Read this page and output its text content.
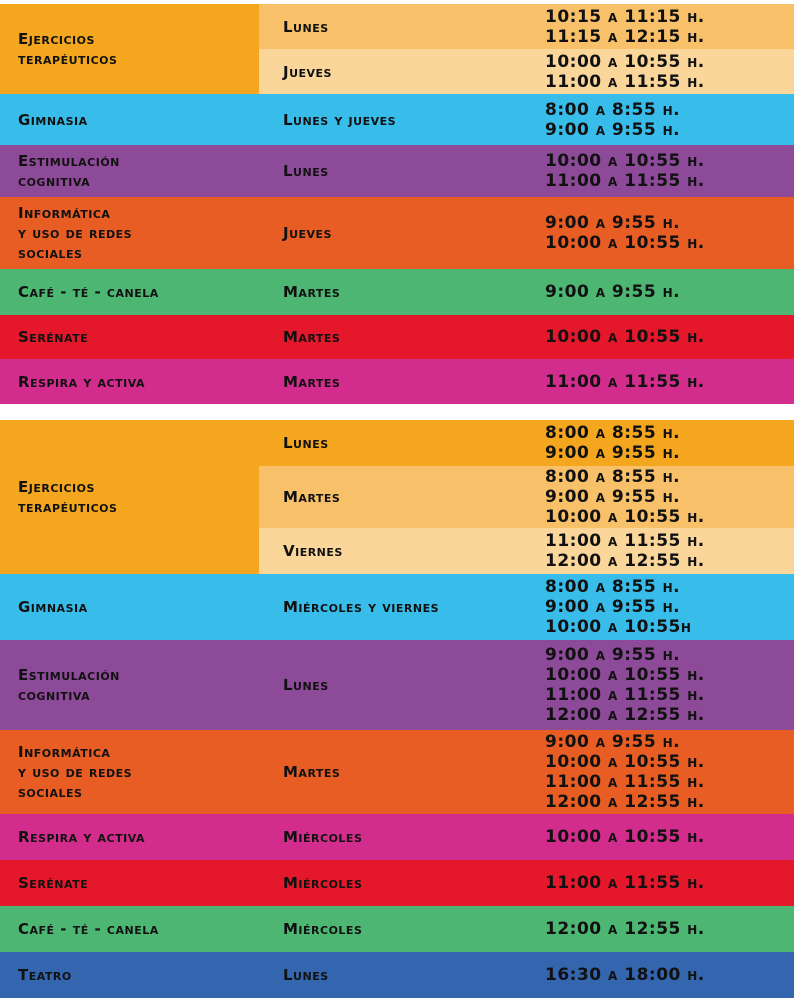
Ejercicios
terapéuticos	Lunes	10:15 a 11:15 h.
11:15 a 12:15 h.

	Jueves	10:00 a 10:55 h.
11:00 a 11:55 h.

Gimnasia	Lunes y jueves	8:00 a 8:55 h.
9:00 a 9:55 h.

Estimulación
cognitiva	Lunes	10:00 a 10:55 h.
11:00 a 11:55 h.

Informática
y uso de redes
sociales	Jueves	9:00 a 9:55 h.
10:00 a 10:55 h.

Café - té - canela	Martes	9:00 a 9:55 h.

Serénate	Martes	10:00 a 10:55 h.

Respira y activa	Martes	11:00 a 11:55 h.
Ejercicios
terapéuticos	Lunes	8:00 a 8:55 h.
9:00 a 9:55 h.

	Martes	8:00 a 8:55 h.
9:00 a 9:55 h.
10:00 a 10:55 h.

	Viernes	11:00 a 11:55 h.
12:00 a 12:55 h.

Gimnasia	Miércoles y viernes	8:00 a 8:55 h.
9:00 a 9:55 h.
10:00 a 10:55h

Estimulación
cognitiva	Lunes	9:00 a 9:55 h.
10:00 a 10:55 h.
11:00 a 11:55 h.
12:00 a 12:55 h.

Informática
y uso de redes
sociales	Martes	9:00 a 9:55 h.
10:00 a 10:55 h.
11:00 a 11:55 h.
12:00 a 12:55 h.

Respira y activa	Miércoles	10:00 a 10:55 h.

Serénate	Miércoles	11:00 a 11:55 h.

Café - té - canela	Miércoles	12:00 a 12:55 h.

Teatro	Lunes	16:30 a 18:00 h.
